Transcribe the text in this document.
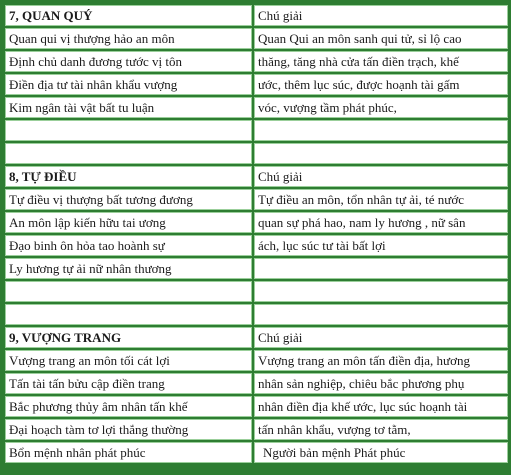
7, QUAN QUÝ	Chú giải
Quan qui vị thượng hảo an môn	Quan Qui an môn sanh qui tử, sỉ lộ cao
Định chủ danh đương tước vị tôn	thăng, tăng nhà cửa tấn điền trạch, khế
Điền địa tư tài nhân khẩu vượng	ước, thêm lục súc, được hoạnh tài gấm
Kim ngân tài vật bất tu luận	vóc, vượng tầm phát phúc,

8, TỰ ĐIỀU	Chú giải
Tự điều vị thượng bất tương đương	Tự điều an môn, tổn nhân tự ải, té nước
An môn lập kiến hữu tai ương	quan sự phá hao, nam ly hương , nữ sân
Đạo binh ôn hỏa tao hoành sự	ách, lục súc tư tài bất lợi
Ly hương tự ải nữ nhân thương	

9, VƯỢNG TRANG	Chú giải
Vượng trang an môn tối cát lợi	Vượng trang an môn tấn điền địa, hương
Tấn tài tấn bửu cập điền trang	nhân sản nghiệp, chiêu bắc phương phụ
Bắc phương thủy âm nhân tấn khế	nhân điền địa khế ước, lục súc hoạnh tài
Đại hoạch tàm tơ lợi thắng thường	tấn nhân khẩu, vượng tơ tằm,
Bổn mệnh nhân phát phúc	Người bản mệnh Phát phúc
